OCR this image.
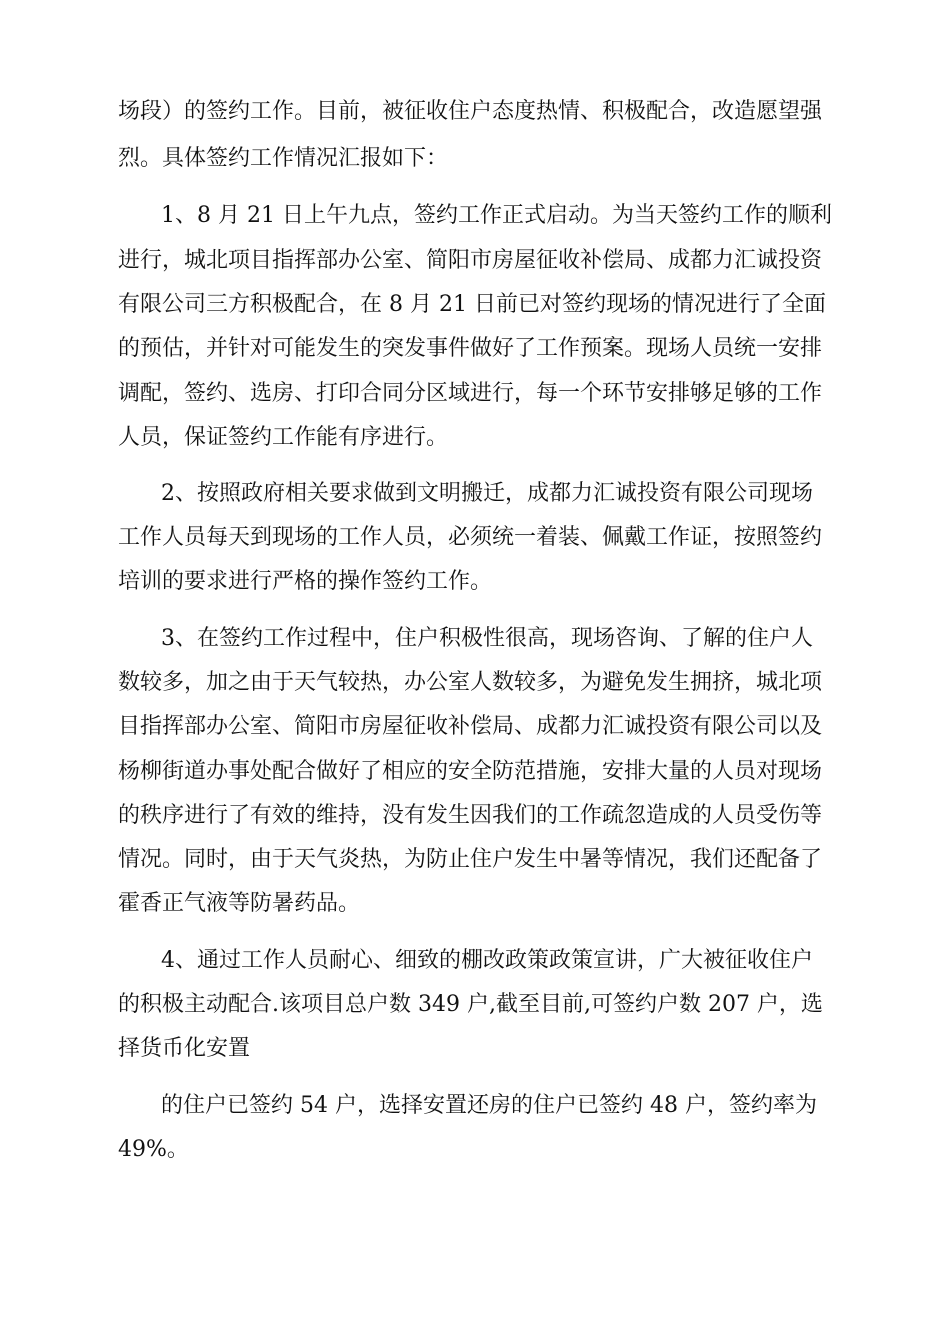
场段）的签约工作。目前，被征收住户态度热情、积极配合，改造愿望强
烈。具体签约工作情况汇报如下：
1、8 月 21 日上午九点，签约工作正式启动。为当天签约工作的顺利
进行，城北项目指挥部办公室、简阳市房屋征收补偿局、成都力汇诚投资
有限公司三方积极配合，在 8 月 21 日前已对签约现场的情况进行了全面
的预估，并针对可能发生的突发事件做好了工作预案。现场人员统一安排
调配，签约、选房、打印合同分区域进行，每一个环节安排够足够的工作
人员，保证签约工作能有序进行。
2、按照政府相关要求做到文明搬迁，成都力汇诚投资有限公司现场
工作人员每天到现场的工作人员，必须统一着装、佩戴工作证，按照签约
培训的要求进行严格的操作签约工作。
3、在签约工作过程中，住户积极性很高，现场咨询、了解的住户人
数较多，加之由于天气较热，办公室人数较多，为避免发生拥挤，城北项
目指挥部办公室、简阳市房屋征收补偿局、成都力汇诚投资有限公司以及
杨柳街道办事处配合做好了相应的安全防范措施，安排大量的人员对现场
的秩序进行了有效的维持，没有发生因我们的工作疏忽造成的人员受伤等
情况。同时，由于天气炎热，为防止住户发生中暑等情况，我们还配备了
霍香正气液等防暑药品。
4、通过工作人员耐心、细致的棚改政策政策宣讲，广大被征收住户
的积极主动配合.该项目总户数 349 户,截至目前,可签约户数 207 户，选
择货币化安置
的住户已签约 54 户，选择安置还房的住户已签约 48 户，签约率为
49%。
